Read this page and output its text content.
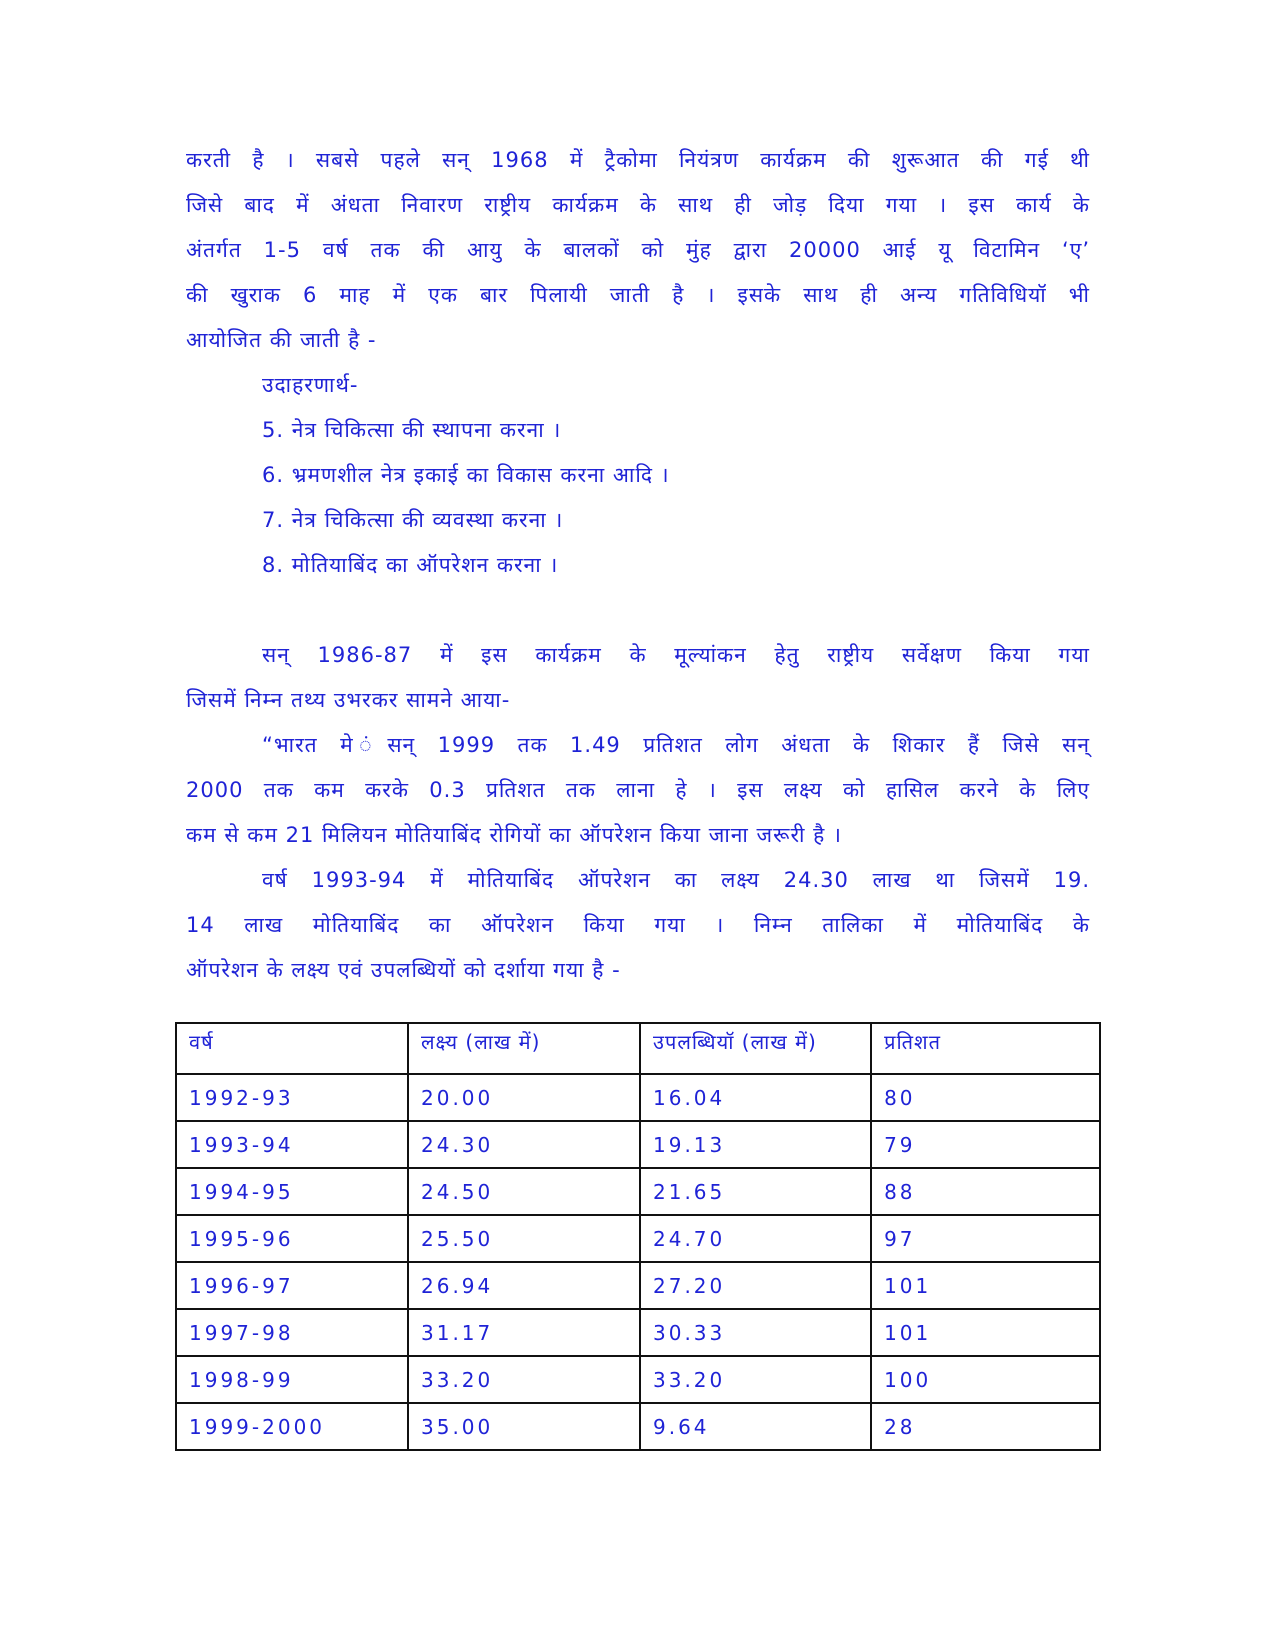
करती है । सबसे पहले सन् 1968 में ट्रैकोमा नियंत्रण कार्यक्रम की शुरूआत की गई थी
जिसे बाद में अंधता निवारण राष्ट्रीय कार्यक्रम के साथ ही जोड़ दिया गया । इस कार्य के
अंतर्गत 1-5 वर्ष तक की आयु के बालकों को मुंह द्वारा 20000 आई यू विटामिन ‘ए’
की खुराक 6 माह में एक बार पिलायी जाती है । इसके साथ ही अन्य गतिविधियॉ भी
आयोजित की जाती है -
उदाहरणार्थ-
5. नेत्र चिकित्सा की स्थापना करना ।
6. भ्रमणशील नेत्र इकाई का विकास करना आदि ।
7. नेत्र चिकित्सा की व्यवस्था करना ।
8. मोतियाबिंद का ऑपरेशन करना ।
सन् 1986-87 में इस कार्यक्रम के मूल्यांकन हेतु राष्ट्रीय सर्वेक्षण किया गया
जिसमें निम्न तथ्य उभरकर सामने आया-
“भारत मे ंसन् 1999 तक 1.49 प्रतिशत लोग अंधता के शिकार हैं जिसे सन्
2000 तक कम करके 0.3 प्रतिशत तक लाना हे । इस लक्ष्य को हासिल करने के लिए
कम से कम 21 मिलियन मोतियाबिंद रोगियों का ऑपरेशन किया जाना जरूरी है ।
वर्ष 1993-94 में मोतियाबिंद ऑपरेशन का लक्ष्य 24.30 लाख था जिसमें 19.
14 लाख मोतियाबिंद का ऑपरेशन किया गया । निम्न तालिका में मोतियाबिंद के
ऑपरेशन के लक्ष्य एवं उपलब्धियों को दर्शाया गया है -
वर्ष	लक्ष्य (लाख में)	उपलब्धियॉ (लाख में)	प्रतिशत
1992-93	20.00	16.04	80
1993-94	24.30	19.13	79
1994-95	24.50	21.65	88
1995-96	25.50	24.70	97
1996-97	26.94	27.20	101
1997-98	31.17	30.33	101
1998-99	33.20	33.20	100
1999-2000	35.00	9.64	28
